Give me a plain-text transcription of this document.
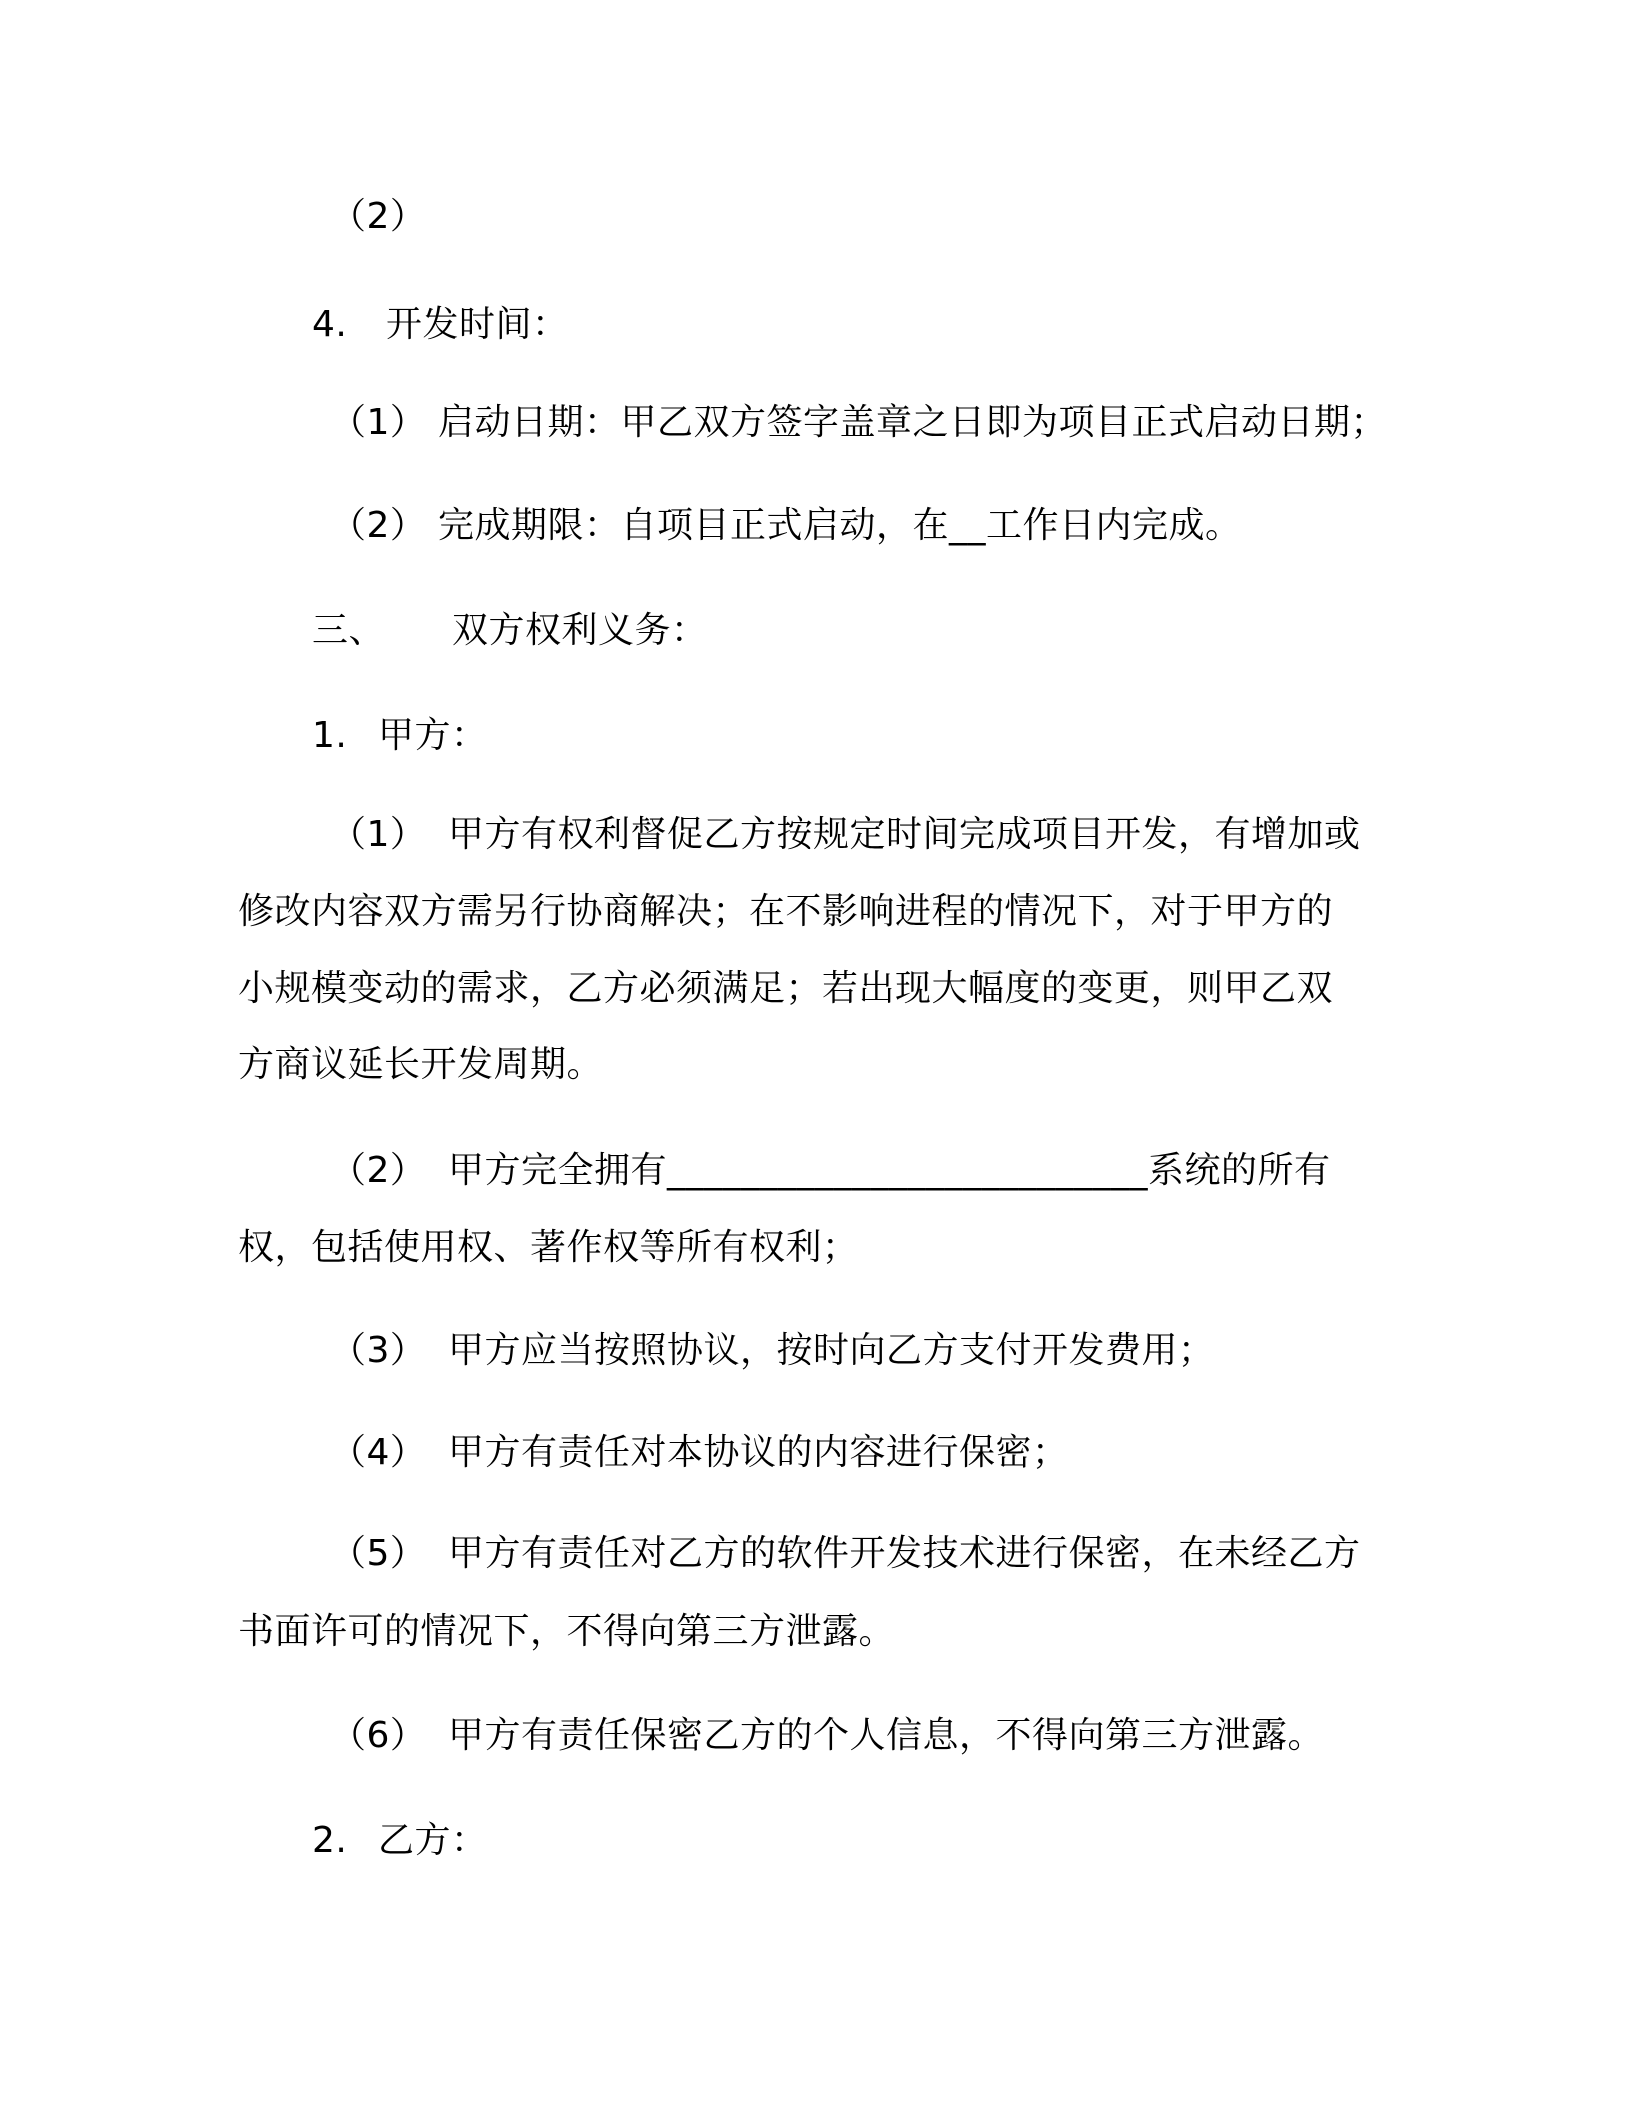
（2）
4. 开发时间：
（1） 启动日期：甲乙双方签字盖章之日即为项目正式启动日期；
（2） 完成期限：自项目正式启动，在__工作日内完成。
三、 双方权利义务：
1. 甲方：
（1） 甲方有权利督促乙方按规定时间完成项目开发，有增加或
修改内容双方需另行协商解决；在不影响进程的情况下，对于甲方的
小规模变动的需求，乙方必须满足；若出现大幅度的变更，则甲乙双
方商议延长开发周期。
（2） 甲方完全拥有__________________________系统的所有
权，包括使用权、著作权等所有权利；
（3） 甲方应当按照协议，按时向乙方支付开发费用；
（4） 甲方有责任对本协议的内容进行保密；
（5） 甲方有责任对乙方的软件开发技术进行保密，在未经乙方
书面许可的情况下，不得向第三方泄露。
（6） 甲方有责任保密乙方的个人信息，不得向第三方泄露。
2. 乙方：
